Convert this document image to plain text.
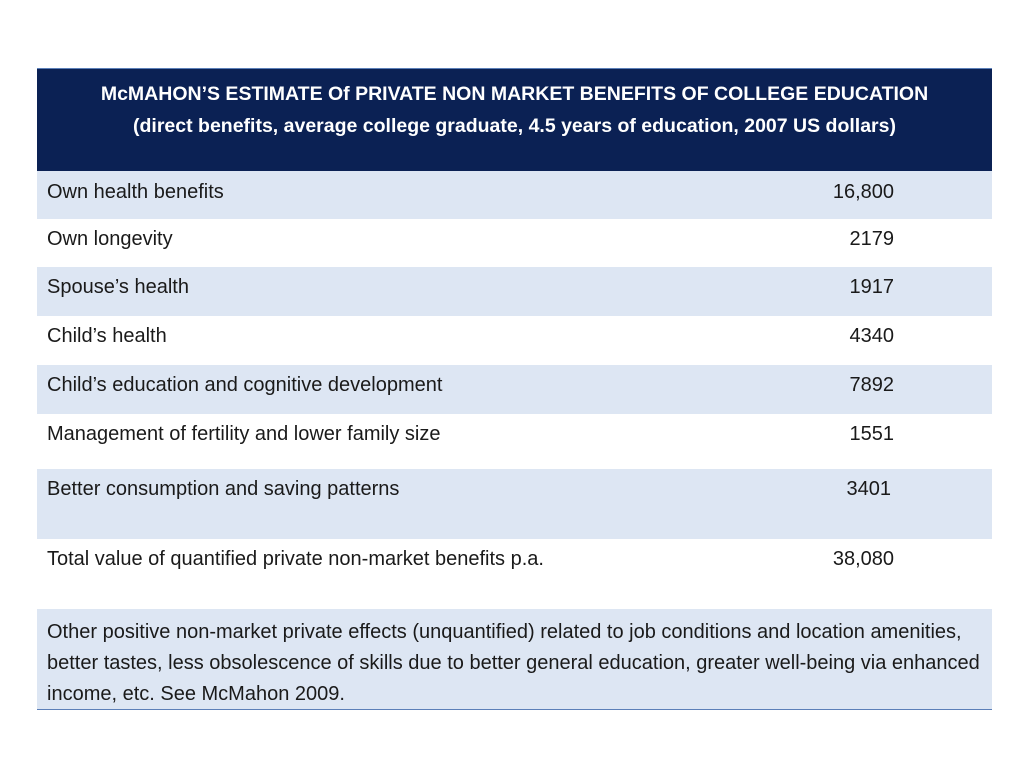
McMAHON’S ESTIMATE Of PRIVATE NON MARKET BENEFITS OF COLLEGE EDUCATION
(direct benefits, average college graduate, 4.5 years of education, 2007 US dollars)
Own health benefits	16,800
Own longevity	2179
Spouse’s health	1917
Child’s health	4340
Child’s education and cognitive development	7892
Management of fertility and lower family size	1551
Better consumption and saving patterns	3401
Total value of quantified private non-market benefits p.a.	38,080
Other positive non-market private effects (unquantified) related to job conditions and location amenities, better tastes, less obsolescence of skills due to better general education, greater well-being via enhanced income, etc. See McMahon 2009.
